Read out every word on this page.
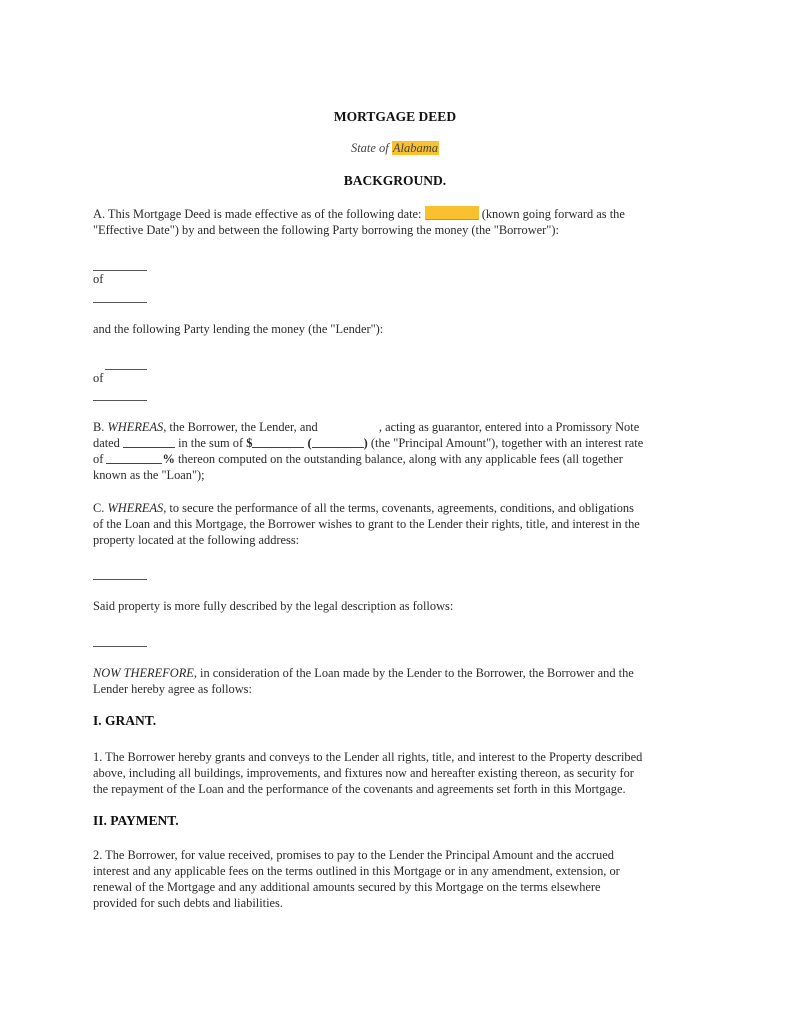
MORTGAGE DEED
State of Alabama
BACKGROUND.
A. This Mortgage Deed is made effective as of the following date:	(known going forward as the
"Effective Date") by and between the following Party borrowing the money (the "Borrower"):
of
and the following Party lending the money (the "Lender"):
of
B. WHEREAS, the Borrower, the Lender, and	, acting as guarantor, entered into a Promissory Note
dated	in the sum of $	(	) (the "Principal Amount"), together with an interest rate
of	% thereon computed on the outstanding balance, along with any applicable fees (all together
known as the "Loan");
C. WHEREAS, to secure the performance of all the terms, covenants, agreements, conditions, and obligations
of the Loan and this Mortgage, the Borrower wishes to grant to the Lender their rights, title, and interest in the
property located at the following address:
Said property is more fully described by the legal description as follows:
NOW THEREFORE, in consideration of the Loan made by the Lender to the Borrower, the Borrower and the
Lender hereby agree as follows:
I. GRANT.
1. The Borrower hereby grants and conveys to the Lender all rights, title, and interest to the Property described
above, including all buildings, improvements, and fixtures now and hereafter existing thereon, as security for
the repayment of the Loan and the performance of the covenants and agreements set forth in this Mortgage.
II. PAYMENT.
2. The Borrower, for value received, promises to pay to the Lender the Principal Amount and the accrued
interest and any applicable fees on the terms outlined in this Mortgage or in any amendment, extension, or
renewal of the Mortgage and any additional amounts secured by this Mortgage on the terms elsewhere
provided for such debts and liabilities.
